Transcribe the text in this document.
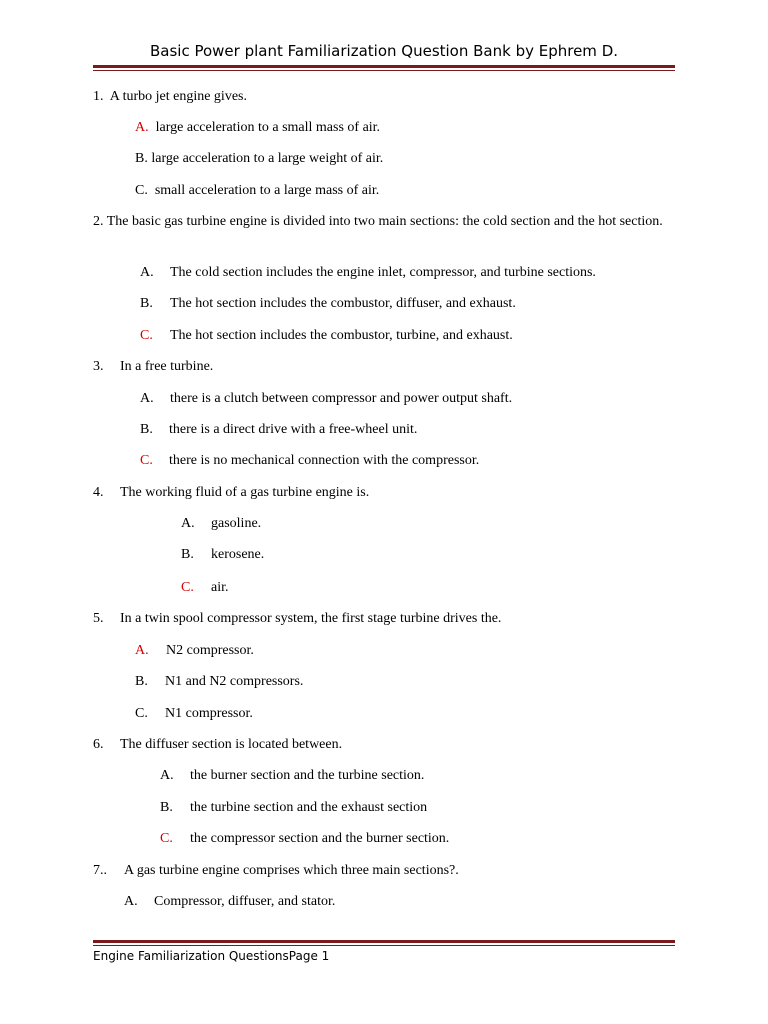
Basic Power plant Familiarization Question Bank by Ephrem D.
1. A turbo jet engine gives.
A. large acceleration to a small mass of air.
B. large acceleration to a large weight of air.
C. small acceleration to a large mass of air.
2. The basic gas turbine engine is divided into two main sections: the cold section and the hot section.
A. The cold section includes the engine inlet, compressor, and turbine sections.
B. The hot section includes the combustor, diffuser, and exhaust.
C. The hot section includes the combustor, turbine, and exhaust.
3. In a free turbine.
A. there is a clutch between compressor and power output shaft.
B. there is a direct drive with a free-wheel unit.
C. there is no mechanical connection with the compressor.
4. The working fluid of a gas turbine engine is.
A. gasoline.
B. kerosene.
C. air.
5. In a twin spool compressor system, the first stage turbine drives the.
A. N2 compressor.
B. N1 and N2 compressors.
C. N1 compressor.
6. The diffuser section is located between.
A. the burner section and the turbine section.
B. the turbine section and the exhaust section
C. the compressor section and the burner section.
7.. A gas turbine engine comprises which three main sections?.
A. Compressor, diffuser, and stator.
Engine Familiarization QuestionsPage 1
